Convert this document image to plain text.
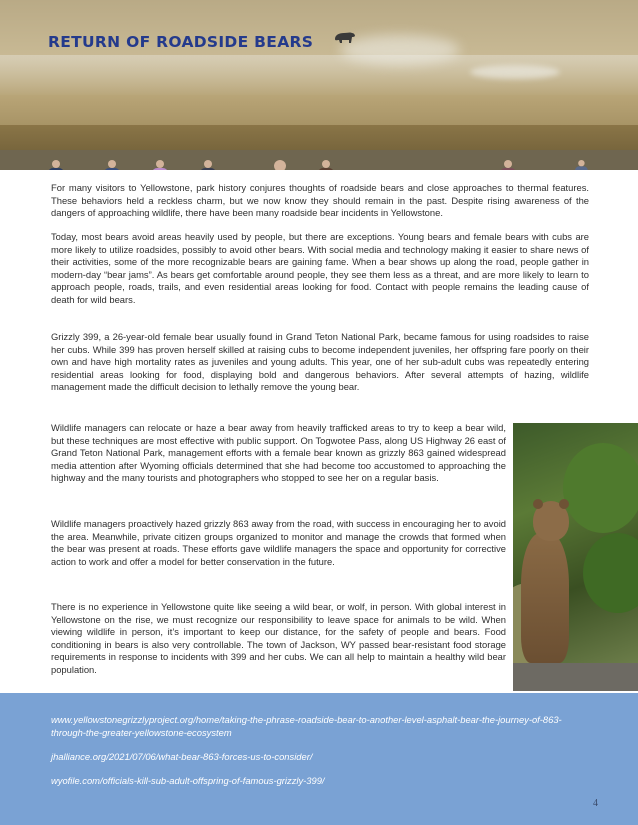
RETURN OF ROADSIDE BEARS

For many visitors to Yellowstone, park history conjures thoughts of roadside bears and close approaches to thermal features. These behaviors held a reckless charm, but we now know they should remain in the past. Despite rising awareness of the dangers of approaching wildlife, there have been many roadside bear incidents in Yellowstone.

Today, most bears avoid areas heavily used by people, but there are exceptions. Young bears and female bears with cubs are more likely to utilize roadsides, possibly to avoid other bears. With social media and technology making it easier to share news of their activities, some of the more recognizable bears are gaining fame. When a bear shows up along the road, people gather in modern-day “bear jams”. As bears get comfortable around people, they see them less as a threat, and are more likely to learn to approach people, roads, trails, and even residential areas looking for food. Contact with people remains the leading cause of death for wild bears.

Grizzly 399, a 26-year-old female bear usually found in Grand Teton National Park, became famous for using roadsides to raise her cubs. While 399 has proven herself skilled at raising cubs to become independent juveniles, her offspring fare poorly on their own and have high mortality rates as juveniles and young adults. This year, one of her sub-adult cubs was repeatedly entering residential areas looking for food, displaying bold and dangerous behaviors. After several attempts of hazing, wildlife management made the difficult decision to lethally remove the young bear.

Wildlife managers can relocate or haze a bear away from heavily trafficked areas to try to keep a bear wild, but these techniques are most effective with public support. On Togwotee Pass, along US Highway 26 east of Grand Teton National Park, management efforts with a female bear known as grizzly 863 gained widespread media attention after Wyoming officials determined that she had become too accustomed to approaching the highway and the many tourists and photographers who stopped to see her on a regular basis.

Wildlife managers proactively hazed grizzly 863 away from the road, with success in encouraging her to avoid the area. Meanwhile, private citizen groups organized to monitor and manage the crowds that formed when the bear was present at roads. These efforts gave wildlife managers the space and opportunity for corrective action to work and offer a model for better conservation in the future.

There is no experience in Yellowstone quite like seeing a wild bear, or wolf, in person. With global interest in Yellowstone on the rise, we must recognize our responsibility to leave space for animals to be wild. When viewing wildlife in person, it’s important to keep our distance, for the safety of people and bears. Food conditioning in bears is also very controllable. The town of Jackson, WY passed bear-resistant food storage requirements in response to incidents with 399 and her cubs. We can all help to maintain a healthy wild bear population.

www.yellowstonegrizzlyproject.org/home/taking-the-phrase-roadside-bear-to-another-level-asphalt-bear-the-journey-of-863-through-the-greater-yellowstone-ecosystem

jhalliance.org/2021/07/06/what-bear-863-forces-us-to-consider/

wyofile.com/officials-kill-sub-adult-offspring-of-famous-grizzly-399/

4
